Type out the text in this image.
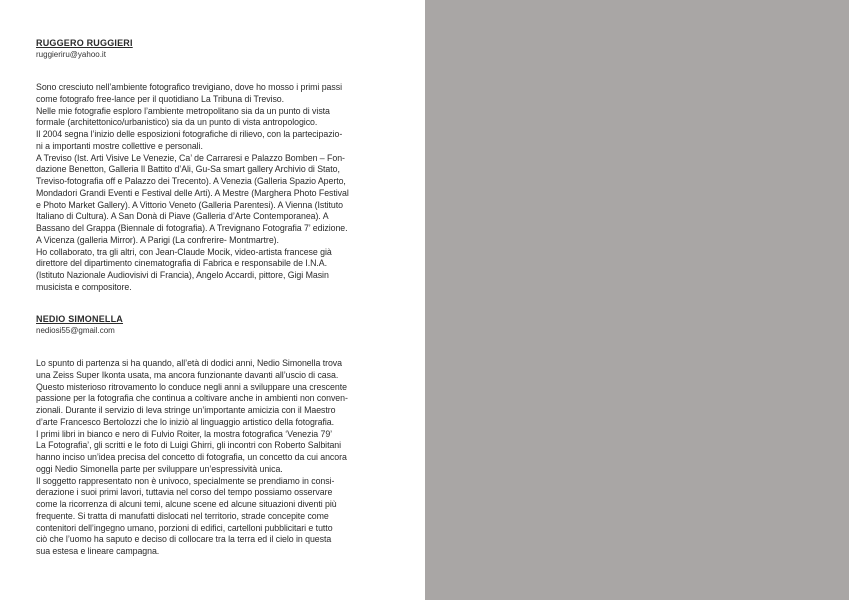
RUGGERO RUGGIERI
ruggieriru@yahoo.it
Sono cresciuto nell’ambiente fotografico trevigiano, dove ho mosso i primi passi
come fotografo free-lance per il quotidiano La Tribuna di Treviso.
Nelle mie fotografie esploro l’ambiente metropolitano sia da un punto di vista
formale (architettonico/urbanistico) sia da un punto di vista antropologico.
Il 2004 segna l’inizio delle esposizioni fotografiche di rilievo, con la partecipazio-
ni a importanti mostre collettive e personali.
A Treviso (Ist. Arti Visive Le Venezie, Ca’ de Carraresi e Palazzo Bomben – Fon-
dazione Benetton, Galleria Il Battito d’Ali, Gu-Sa smart gallery Archivio di Stato,
Treviso-fotografia off e Palazzo dei Trecento). A Venezia (Galleria Spazio Aperto,
Mondadori Grandi Eventi e Festival delle Arti). A Mestre (Marghera Photo Festival
e Photo Market Gallery). A Vittorio Veneto (Galleria Parentesi). A Vienna (Istituto
Italiano di Cultura). A San Donà di Piave (Galleria d’Arte Contemporanea). A
Bassano del Grappa (Biennale di fotografia). A Trevignano Fotografia 7’ edizione.
A Vicenza (galleria Mirror). A Parigi (La confrerire- Montmartre).
Ho collaborato, tra gli altri, con Jean-Claude Mocik, video-artista francese già
direttore del dipartimento cinematografia di Fabrica e responsabile de I.N.A.
(Istituto Nazionale Audiovisivi di Francia), Angelo Accardi, pittore, Gigi Masin
musicista e compositore.
NEDIO SIMONELLA
nediosi55@gmail.com
Lo spunto di partenza si ha quando, all’età di dodici anni, Nedio Simonella trova
una Zeiss Super Ikonta usata, ma ancora funzionante davanti all’uscio di casa.
Questo misterioso ritrovamento lo conduce negli anni a sviluppare una crescente
passione per la fotografia che continua a coltivare anche in ambienti non conven-
zionali. Durante il servizio di leva stringe un’importante amicizia con il Maestro
d’arte Francesco Bertolozzi che lo iniziò al linguaggio artistico della fotografia.
I primi libri in bianco e nero di Fulvio Roiter, la mostra fotografica ‘Venezia 79’
La Fotografia’, gli scritti e le foto di Luigi Ghirri, gli incontri con Roberto Salbitani
hanno inciso un’idea precisa del concetto di fotografia, un concetto da cui ancora
oggi Nedio Simonella parte per sviluppare un’espressività unica.
Il soggetto rappresentato non è univoco, specialmente se prendiamo in consi-
derazione i suoi primi lavori, tuttavia nel corso del tempo possiamo osservare
come la ricorrenza di alcuni temi, alcune scene ed alcune situazioni diventi più
frequente. Si tratta di manufatti dislocati nel territorio, strade concepite come
contenitori dell’ingegno umano, porzioni di edifici, cartelloni pubblicitari e tutto
ciò che l’uomo ha saputo e deciso di collocare tra la terra ed il cielo in questa
sua estesa e lineare campagna.
